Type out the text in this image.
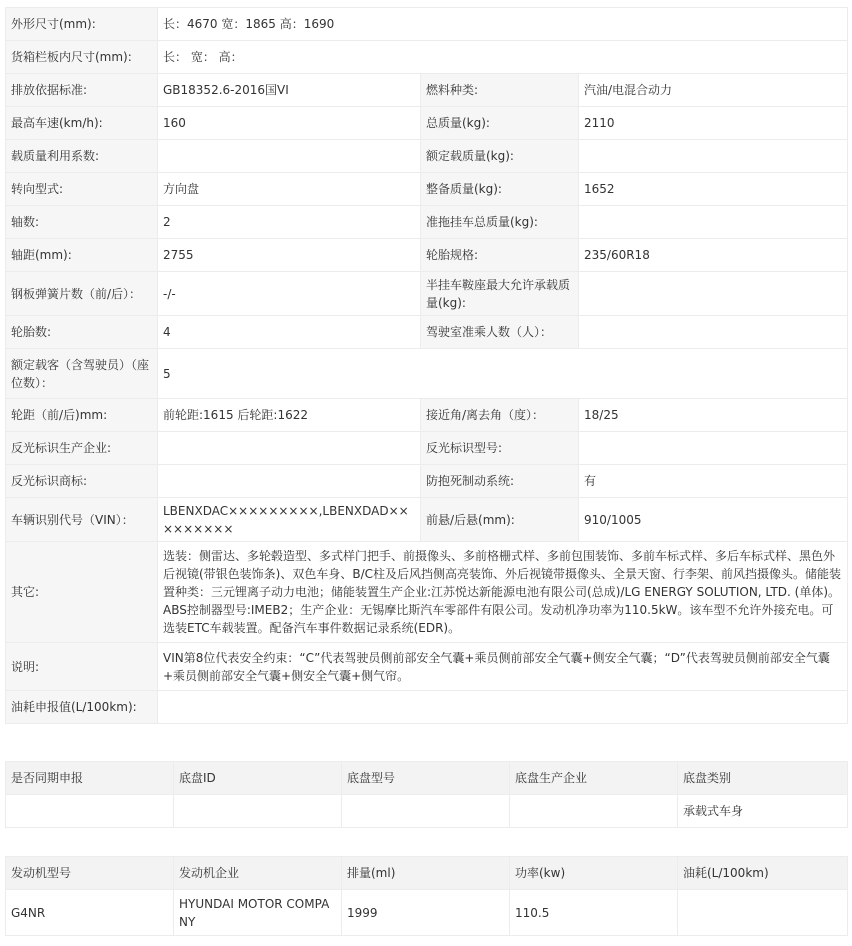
外形尺寸(mm):	长：4670 宽：1865 高：1690		
货箱栏板内尺寸(mm):	长： 宽： 高：		
排放依据标准:	GB18352.6-2016国VI	燃料种类:	汽油/电混合动力
最高车速(km/h):	160	总质量(kg):	2110
载质量利用系数:		额定载质量(kg):	
转向型式:	方向盘	整备质量(kg):	1652
轴数:	2	准拖挂车总质量(kg):	
轴距(mm):	2755	轮胎规格:	235/60R18
钢板弹簧片数（前/后）：	-/-	半挂车鞍座最大允许承载质量(kg):	
轮胎数:	4	驾驶室准乘人数（人）：	
额定载客（含驾驶员）（座位数）：	5		
轮距（前/后)mm:	前轮距:1615 后轮距:1622	接近角/离去角（度）：	18/25
反光标识生产企业:		反光标识型号:	
反光标识商标:		防抱死制动系统:	有
车辆识别代号（VIN）：	LBENXDAC×××××××××,LBENXDAD×××××××××	前悬/后悬(mm):	910/1005
其它:	选装：侧雷达、多轮毂造型、多式样门把手、前摄像头、多前格栅式样、多前包围装饰、多前车标式样、多后车标式样、黑色外后视镜(带银色装饰条)、双色车身、B/C柱及后风挡侧高亮装饰、外后视镜带摄像头、全景天窗、行李架、前风挡摄像头。储能装置种类：三元锂离子动力电池；储能装置生产企业:江苏悦达新能源电池有限公司(总成)/LG ENERGY SOLUTION, LTD. (单体)。ABS控制器型号:IMEB2；生产企业：无锡摩比斯汽车零部件有限公司。发动机净功率为110.5kW。该车型不允许外接充电。可选装ETC车载装置。配备汽车事件数据记录系统(EDR)。		
说明:	VIN第8位代表安全约束：“C”代表驾驶员侧前部安全气囊+乘员侧前部安全气囊+侧安全气囊；“D”代表驾驶员侧前部安全气囊+乘员侧前部安全气囊+侧安全气囊+侧气帘。		
油耗申报值(L/100km):			
是否同期申报	底盘ID	底盘型号	底盘生产企业	底盘类别
				承载式车身
发动机型号	发动机企业	排量(ml)	功率(kw)	油耗(L/100km)
G4NR	HYUNDAI MOTOR COMPANY	1999	110.5	
